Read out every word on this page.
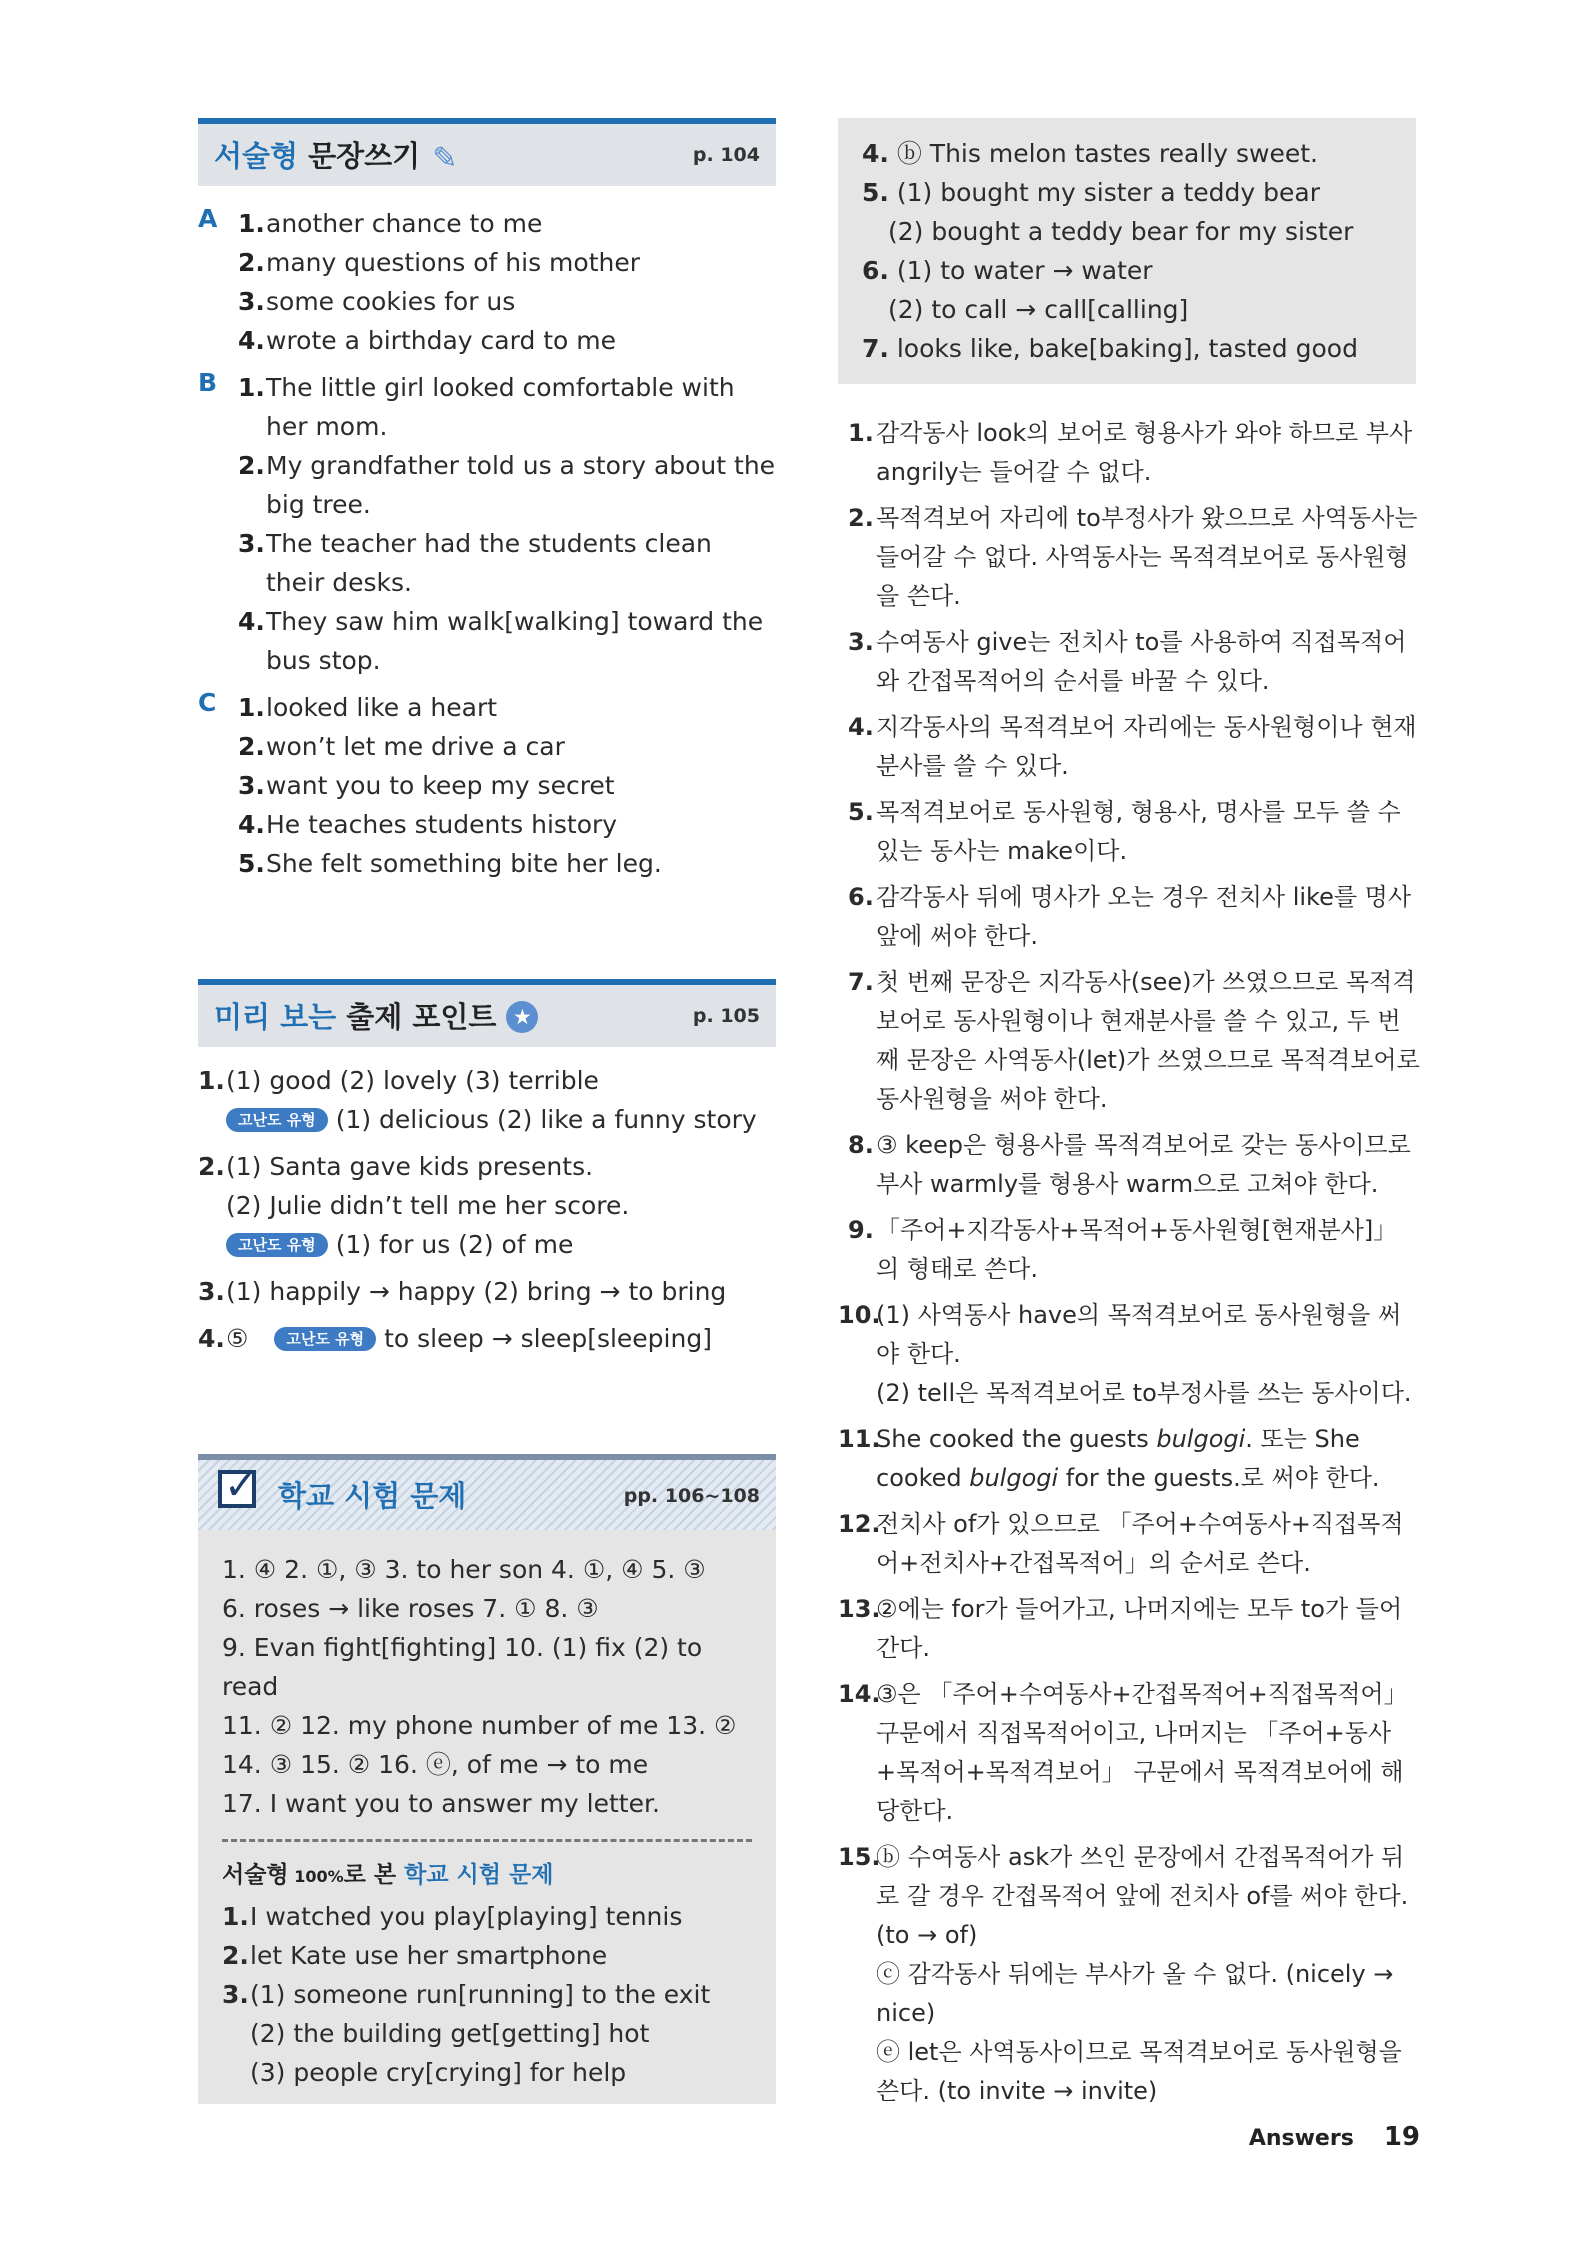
서술형 문장쓰기 ✎	p. 104
A 1. another chance to me
2. many questions of his mother
3. some cookies for us
4. wrote a birthday card to me
B 1. The little girl looked comfortable with her mom.
2. My grandfather told us a story about the big tree.
3. The teacher had the students clean their desks.
4. They saw him walk[walking] toward the bus stop.
C 1. looked like a heart
2. won’t let me drive a car
3. want you to keep my secret
4. He teaches students history
5. She felt something bite her leg.
미리 보는 출제 포인트 ★	p. 105
1. (1) good (2) lovely (3) terrible
고난도 유형 (1) delicious (2) like a funny story
2. (1) Santa gave kids presents.
(2) Julie didn’t tell me her score.
고난도 유형 (1) for us (2) of me
3. (1) happily → happy (2) bring → to bring
4. ⑤	고난도 유형 to sleep → sleep[sleeping]
✓ 학교 시험 문제	pp. 106~108
1. ④ 2. ①, ③ 3. to her son 4. ①, ④ 5. ③
6. roses → like roses 7. ① 8. ③
9. Evan fight[fighting] 10. (1) fix (2) to read
11. ② 12. my phone number of me 13. ②
14. ③ 15. ② 16. ⓔ, of me → to me
17. I want you to answer my letter.
서술형 100%로 본 학교 시험 문제
1. I watched you play[playing] tennis
2. let Kate use her smartphone
3. (1) someone run[running] to the exit
(2) the building get[getting] hot
(3) people cry[crying] for help
4. ⓑ This melon tastes really sweet.
5. (1) bought my sister a teddy bear
(2) bought a teddy bear for my sister
6. (1) to water → water
(2) to call → call[calling]
7. looks like, bake[baking], tasted good
1. 감각동사 look의 보어로 형용사가 와야 하므로 부사 angrily는 들어갈 수 없다.
2. 목적격보어 자리에 to부정사가 왔으므로 사역동사는 들어갈 수 없다. 사역동사는 목적격보어로 동사원형을 쓴다.
3. 수여동사 give는 전치사 to를 사용하여 직접목적어와 간접목적어의 순서를 바꿀 수 있다.
4. 지각동사의 목적격보어 자리에는 동사원형이나 현재분사를 쓸 수 있다.
5. 목적격보어로 동사원형, 형용사, 명사를 모두 쓸 수 있는 동사는 make이다.
6. 감각동사 뒤에 명사가 오는 경우 전치사 like를 명사 앞에 써야 한다.
7. 첫 번째 문장은 지각동사(see)가 쓰였으므로 목적격보어로 동사원형이나 현재분사를 쓸 수 있고, 두 번째 문장은 사역동사(let)가 쓰였으므로 목적격보어로 동사원형을 써야 한다.
8. ③ keep은 형용사를 목적격보어로 갖는 동사이므로 부사 warmly를 형용사 warm으로 고쳐야 한다.
9. 「주어+지각동사+목적어+동사원형[현재분사]」의 형태로 쓴다.
10.
(1) 사역동사 have의 목적격보어로 동사원형을 써야 한다.
(2) tell은 목적격보어로 to부정사를 쓰는 동사이다.
11.
She cooked the guests bulgogi. 또는 She cooked bulgogi for the guests.로 써야 한다.
12.
전치사 of가 있으므로 「주어+수여동사+직접목적어+전치사+간접목적어」의 순서로 쓴다.
13.
②에는 for가 들어가고, 나머지에는 모두 to가 들어간다.
14.
③은 「주어+수여동사+간접목적어+직접목적어」 구문에서 직접목적어이고, 나머지는 「주어+동사+목적어+목적격보어」 구문에서 목적격보어에 해당한다.
15.
ⓑ 수여동사 ask가 쓰인 문장에서 간접목적어가 뒤로 갈 경우 간접목적어 앞에 전치사 of를 써야 한다. (to → of)
ⓒ 감각동사 뒤에는 부사가 올 수 없다. (nicely → nice)
ⓔ let은 사역동사이므로 목적격보어로 동사원형을 쓴다. (to invite → invite)
Answers 19
